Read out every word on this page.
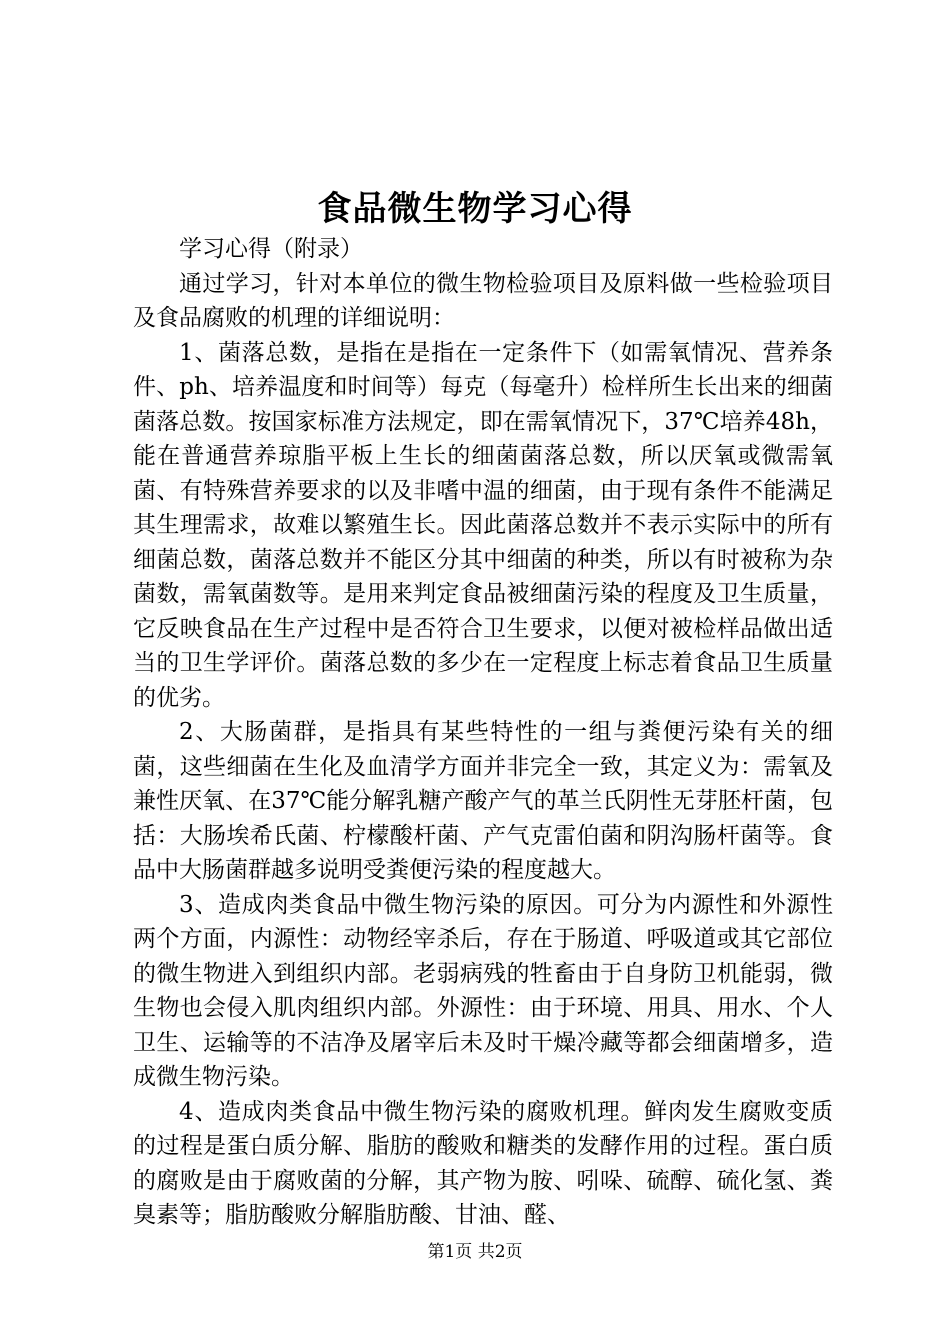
食品微生物学习心得

学习心得（附录）

通过学习，针对本单位的微生物检验项目及原料做一些检验项目及食品腐败的机理的详细说明：

1、菌落总数，是指在是指在一定条件下（如需氧情况、营养条件、ph、培养温度和时间等）每克（每毫升）检样所生长出来的细菌菌落总数。按国家标准方法规定，即在需氧情况下，37℃培养48h，能在普通营养琼脂平板上生长的细菌菌落总数，所以厌氧或微需氧菌、有特殊营养要求的以及非嗜中温的细菌，由于现有条件不能满足其生理需求，故难以繁殖生长。因此菌落总数并不表示实际中的所有细菌总数，菌落总数并不能区分其中细菌的种类，所以有时被称为杂菌数，需氧菌数等。是用来判定食品被细菌污染的程度及卫生质量，它反映食品在生产过程中是否符合卫生要求，以便对被检样品做出适当的卫生学评价。菌落总数的多少在一定程度上标志着食品卫生质量的优劣。

2、大肠菌群，是指具有某些特性的一组与粪便污染有关的细菌，这些细菌在生化及血清学方面并非完全一致，其定义为：需氧及兼性厌氧、在37℃能分解乳糖产酸产气的革兰氏阴性无芽胚杆菌，包括：大肠埃希氏菌、柠檬酸杆菌、产气克雷伯菌和阴沟肠杆菌等。食品中大肠菌群越多说明受粪便污染的程度越大。

3、造成肉类食品中微生物污染的原因。可分为内源性和外源性两个方面，内源性：动物经宰杀后，存在于肠道、呼吸道或其它部位的微生物进入到组织内部。老弱病残的牲畜由于自身防卫机能弱，微生物也会侵入肌肉组织内部。外源性：由于环境、用具、用水、个人卫生、运输等的不洁净及屠宰后未及时干燥冷藏等都会细菌增多，造成微生物污染。

4、造成肉类食品中微生物污染的腐败机理。鲜肉发生腐败变质的过程是蛋白质分解、脂肪的酸败和糖类的发酵作用的过程。蛋白质的腐败是由于腐败菌的分解，其产物为胺、吲哚、硫醇、硫化氢、粪臭素等；脂肪酸败分解脂肪酸、甘油、醛、

第1页 共2页
